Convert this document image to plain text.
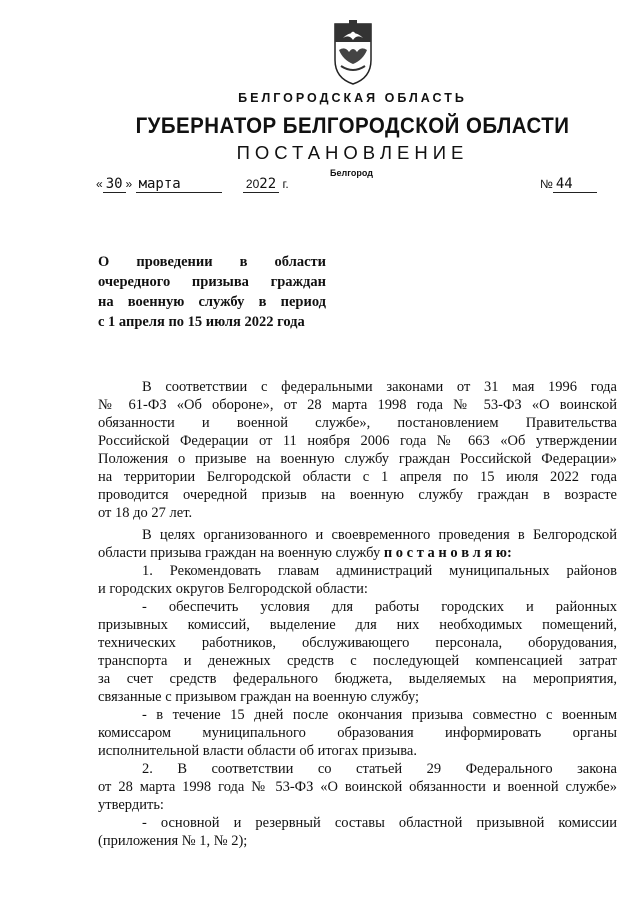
БЕЛГОРОДСКАЯ ОБЛАСТЬ
ГУБЕРНАТОР БЕЛГОРОДСКОЙ ОБЛАСТИ
ПОСТАНОВЛЕНИЕ
Белгород
« 30 » марта	2022 г.	№ 44
О проведении в области
очередного призыва граждан
на военную службу в период
с 1 апреля по 15 июля 2022 года
В соответствии с федеральными законами от 31 мая 1996 года
№ 61-ФЗ «Об обороне», от 28 марта 1998 года № 53-ФЗ «О воинской
обязанности и военной службе», постановлением Правительства
Российской Федерации от 11 ноября 2006 года № 663 «Об утверждении
Положения о призыве на военную службу граждан Российской Федерации»
на территории Белгородской области с 1 апреля по 15 июля 2022 года
проводится очередной призыв на военную службу граждан в возрасте
от 18 до 27 лет.
В целях организованного и своевременного проведения в Белгородской
области призыва граждан на военную службу п о с т а н о в л я ю:
1. Рекомендовать главам администраций муниципальных районов
и городских округов Белгородской области:
- обеспечить условия для работы городских и районных
призывных комиссий, выделение для них необходимых помещений,
технических работников, обслуживающего персонала, оборудования,
транспорта и денежных средств с последующей компенсацией затрат
за счет средств федерального бюджета, выделяемых на мероприятия,
связанные с призывом граждан на военную службу;
- в течение 15 дней после окончания призыва совместно с военным
комиссаром муниципального образования информировать органы
исполнительной власти области об итогах призыва.
2. В соответствии со статьей 29 Федерального закона
от 28 марта 1998 года № 53-ФЗ «О воинской обязанности и военной службе»
утвердить:
- основной и резервный составы областной призывной комиссии
(приложения № 1, № 2);
